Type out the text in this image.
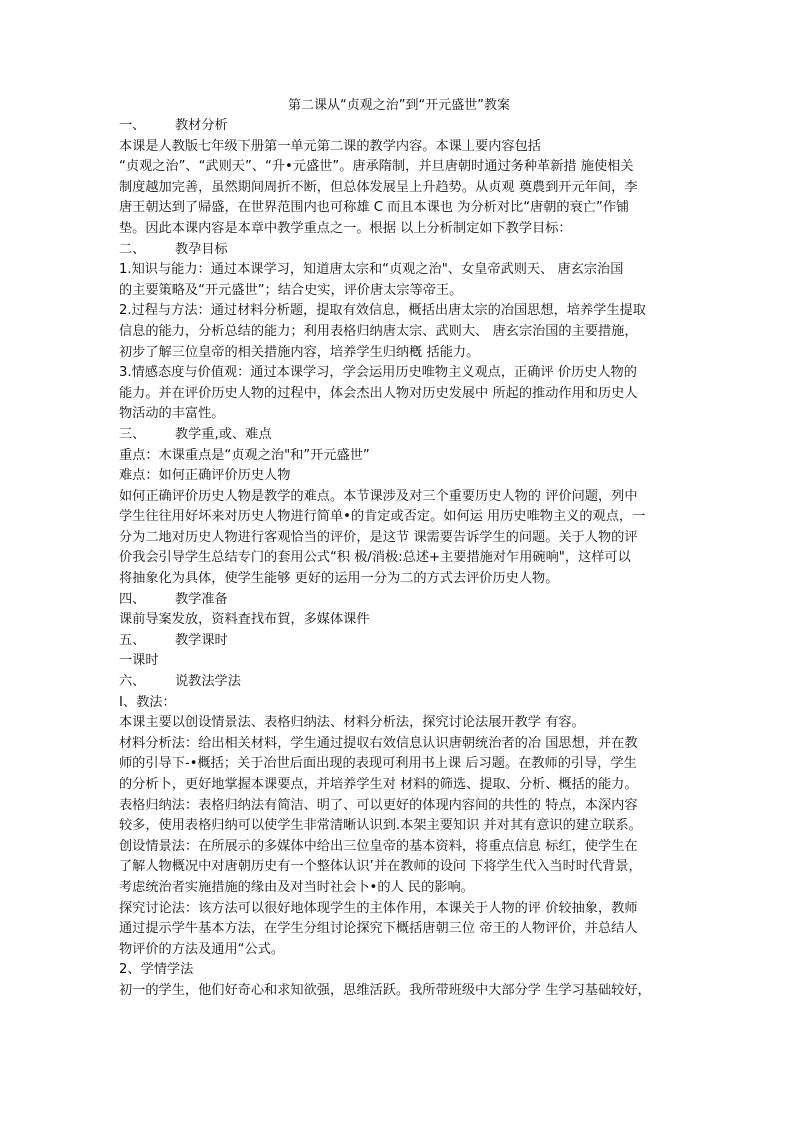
第二课从“贞观之治”到“开元盛世”教案

一、	教材分析
本课是人教版七年级下册第一单元第二课的教学内容。本课丄要内容包括
“贞观之治”、“武则天”、“升•元盛世”。唐承隋制，并旦唐朝时通过务种革新措 施使相关
制度越加完善，虽然期间周折不断，但总体发展呈上升趋势。从贞观 奠農到开元年间，李
唐王朝达到了帰盛，在世界范围内也可称雄 C 而且本课也 为分析对比“唐朝的衰亡”作铺
垫。因此本课内容是本章中教学重点之一。根据 以上分析制定如下教学目标：
二、	教孕目标
1.知识与能力：通过本课学习，知道唐太宗和“贞观之治"、女皇帝武则天、 唐玄宗治国
的主要策略及“开元盛世”；结合史实，评价唐太宗等帝王。
2.过程与方法：通过材料分析题，提取有效信息，概括出唐太宗的冶国思想，培养学生提取
信息的能力，分析总结的能力；利用表格归纳唐太宗、武则大、 唐玄宗治国的主要措施，
初步了解三位皇帝的相关措施内容，培养学生归纳槪 括能力。
3.情感态度与价值观：通过本课学习，学会运用历史唯物主义观点，正确评 价历史人物的
能力。并在评价历史人物的过程中，体会杰出人物对历史发展中 所起的推动作用和历史人
物活动的丰富性。
三、	教学重,或、难点
重点：木课重点是“贞观之治"和”开元盛世”
难点：如何正确评价历史人物
如何正确评价历史人物是教学的难点。本节课涉及对三个重要历史人物的 评价问题，列中
学生往往用好坏来对历史人物进行简单•的肯定或否定。如何运 用历史唯物主义的观点，一
分为二地对历史人物进行客观恰当的评价，是这节 课需要告诉学生的问题。关于人物的评
价我会引导学生总结专门的套用公式“积 极/消极:总述+主要措施对乍用碗响"，这样可以
将抽象化为具体，使学生能够 更好的运用一分为二的方式去评价历史人物。
四、	教学准备
课前导案发放，资料査找布賀，多媒体课件
五、	教学课时
一课时
六、	说教法学法
I、教法：
本课主要以创设情景法、表格归纳法、材料分析法，探究讨论法展开教学 有容。
材料分析法：给出相关材料，学生通过提収右效信息认识唐朝统治者的冶 国思想，并在教
师的引导下-•概括；关于冶世后面出现的表现可利用书上课 后习题。在教师的引导，学生
的分析卜，更好地掌握本课要点，并培养学生对 材料的筛选、提取、分析、概括的能力。
表格归纳法：表格归纳法有简洁、明了、可以更好的体现内容间的共性的 特点，本深内容
较多，使用表格归纳可以使学生非常清晰认识到.本架主要知识 并对其有意识的建立联系。
创设情景法：在所展示的多媒体中给出三位皇帝的基本资料，将重点信息 标红，使学生在
了解人物概况中对唐朝历史有一个整体认识’并在教师的设问 下将学生代入当时时代背景，
考虑统治者实施措施的缘由及对当时社会卜•的人 民的影响。
探究讨论法：该方法可以很好地体现学生的主体作用，本课关于人物的评 价较抽象，教师
通过提示学牛基本方法，在学生分组讨论探究下概括唐朝三位 帝王的人物评价，并总结人
物评价的方法及通用“公式。
2、学情学法
初一的学生，他们好奇心和求知欲强，思维活跃。我所带班级中大部分学 生学习基础较好，
